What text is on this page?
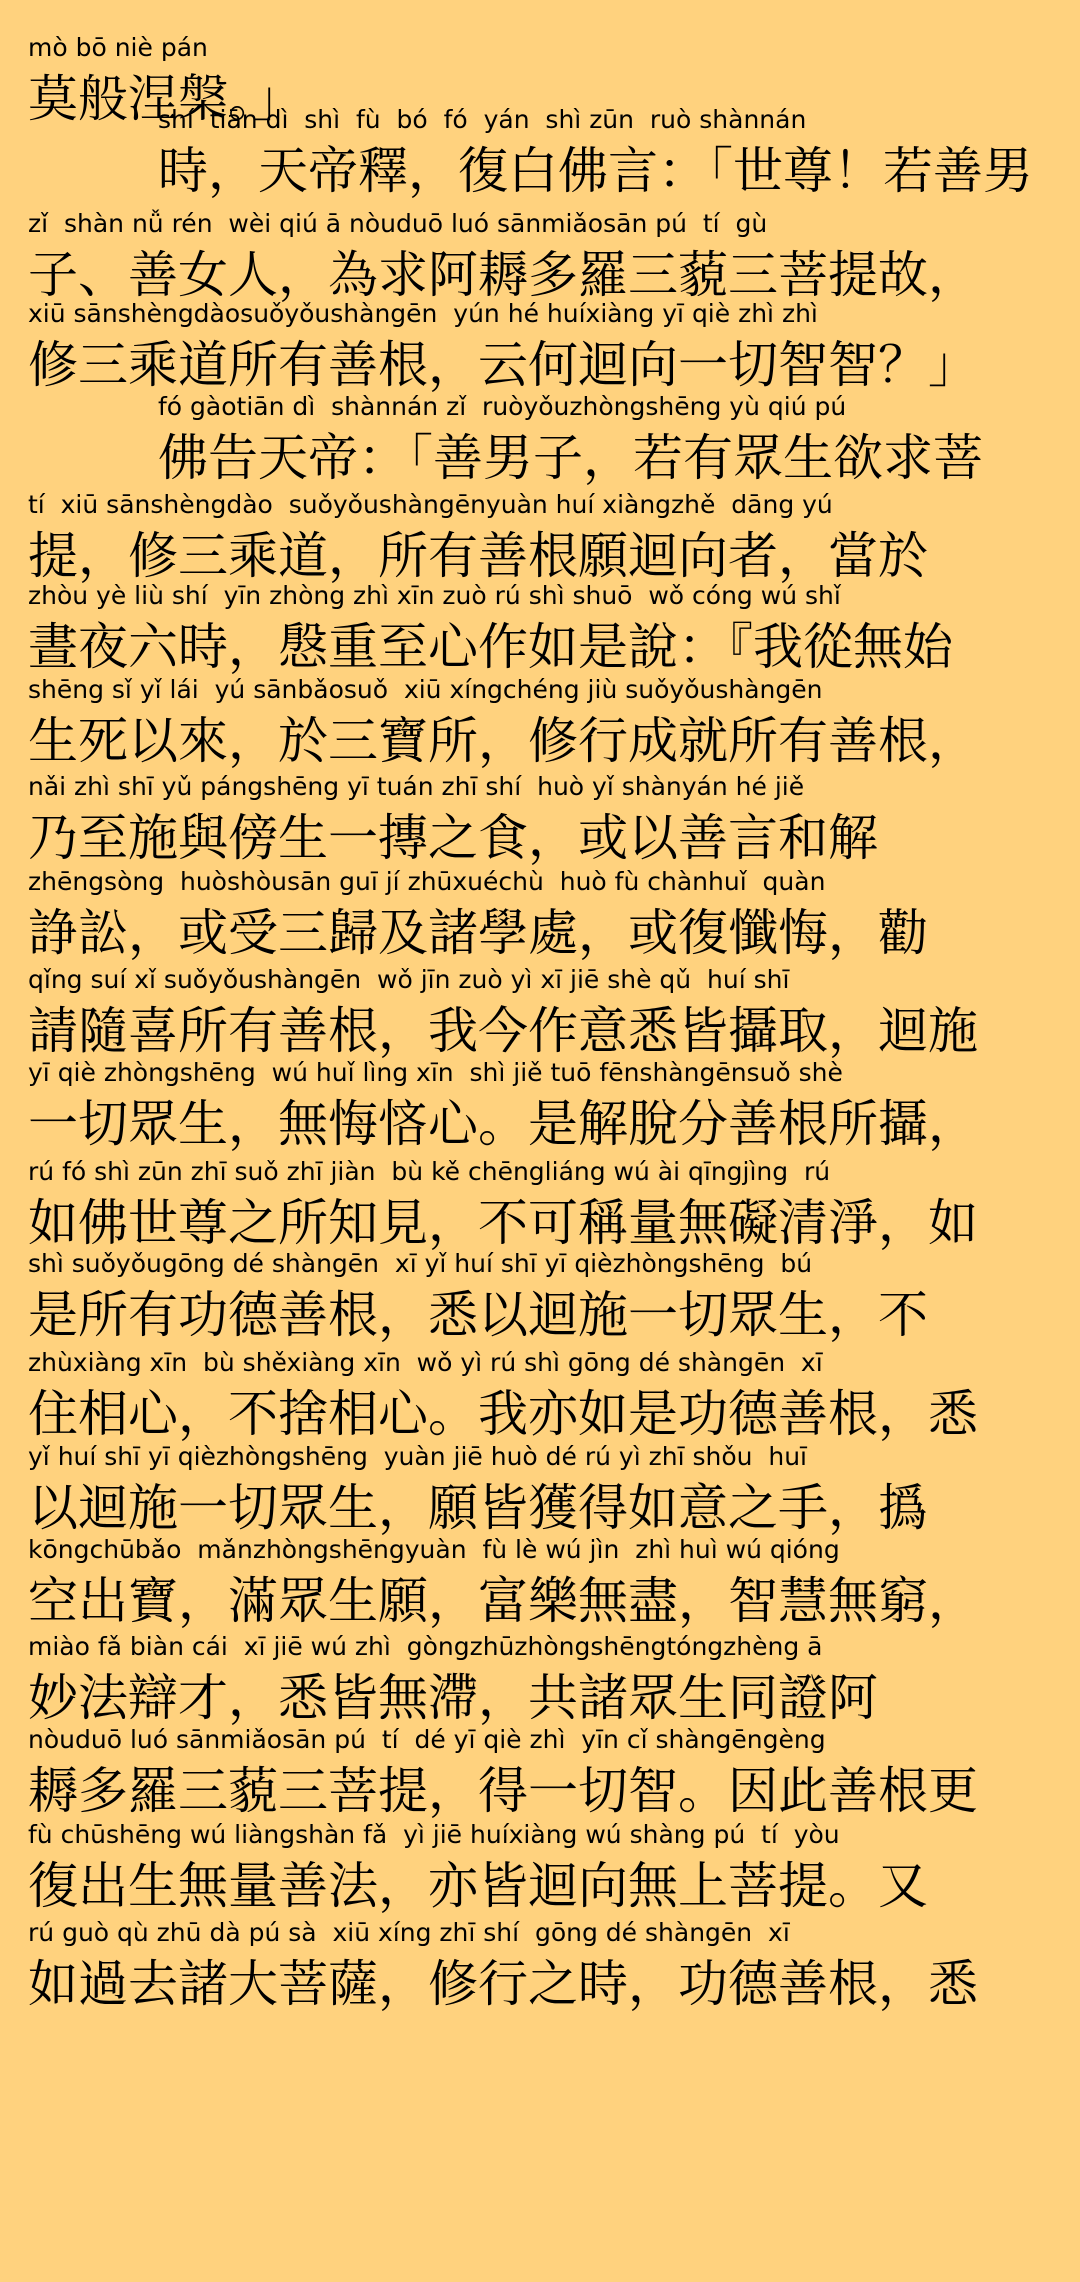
mò bō niè pán
莫般涅槃。」
shí  tiān dì  shì  fù  bó  fó  yán  shì zūn  ruò shànnán
時，天帝釋，復白佛言：「世尊！若善男
zǐ  shàn nǚ rén  wèi qiú ā nòuduō luó sānmiǎosān pú  tí  gù
子、善女人，為求阿耨多羅三藐三菩提故，
xiū sānshèngdàosuǒyǒushàngēn  yún hé huíxiàng yī qiè zhì zhì
修三乘道所有善根，云何迴向一切智智？」
fó gàotiān dì  shànnán zǐ  ruòyǒuzhòngshēng yù qiú pú
佛告天帝：「善男子，若有眾生欲求菩
tí  xiū sānshèngdào  suǒyǒushàngēnyuàn huí xiàngzhě  dāng yú
提，修三乘道，所有善根願迴向者，當於
zhòu yè liù shí  yīn zhòng zhì xīn zuò rú shì shuō  wǒ cóng wú shǐ
晝夜六時，慇重至心作如是說：『我從無始
shēng sǐ yǐ lái  yú sānbǎosuǒ  xiū xíngchéng jiù suǒyǒushàngēn
生死以來，於三寶所，修行成就所有善根，
nǎi zhì shī yǔ pángshēng yī tuán zhī shí  huò yǐ shànyán hé jiě
乃至施與傍生一摶之食，或以善言和解
zhēngsòng  huòshòusān guī jí zhūxuéchù  huò fù chànhuǐ  quàn
諍訟，或受三歸及諸學處，或復懺悔，勸
qǐng suí xǐ suǒyǒushàngēn  wǒ jīn zuò yì xī jiē shè qǔ  huí shī
請隨喜所有善根，我今作意悉皆攝取，迴施
yī qiè zhòngshēng  wú huǐ lìng xīn  shì jiě tuō fēnshàngēnsuǒ shè
一切眾生，無悔悋心。是解脫分善根所攝，
rú fó shì zūn zhī suǒ zhī jiàn  bù kě chēngliáng wú ài qīngjìng  rú
如佛世尊之所知見，不可稱量無礙清淨，如
shì suǒyǒugōng dé shàngēn  xī yǐ huí shī yī qièzhòngshēng  bú
是所有功德善根，悉以迴施一切眾生，不
zhùxiàng xīn  bù shěxiàng xīn  wǒ yì rú shì gōng dé shàngēn  xī
住相心，不捨相心。我亦如是功德善根，悉
yǐ huí shī yī qièzhòngshēng  yuàn jiē huò dé rú yì zhī shǒu  huī
以迴施一切眾生，願皆獲得如意之手，撝
kōngchūbǎo  mǎnzhòngshēngyuàn  fù lè wú jìn  zhì huì wú qióng
空出寶，滿眾生願，富樂無盡，智慧無窮，
miào fǎ biàn cái  xī jiē wú zhì  gòngzhūzhòngshēngtóngzhèng ā
妙法辯才，悉皆無滯，共諸眾生同證阿
nòuduō luó sānmiǎosān pú  tí  dé yī qiè zhì  yīn cǐ shàngēngèng
耨多羅三藐三菩提，得一切智。因此善根更
fù chūshēng wú liàngshàn fǎ  yì jiē huíxiàng wú shàng pú  tí  yòu
復出生無量善法，亦皆迴向無上菩提。又
rú guò qù zhū dà pú sà  xiū xíng zhī shí  gōng dé shàngēn  xī
如過去諸大菩薩，修行之時，功德善根，悉
